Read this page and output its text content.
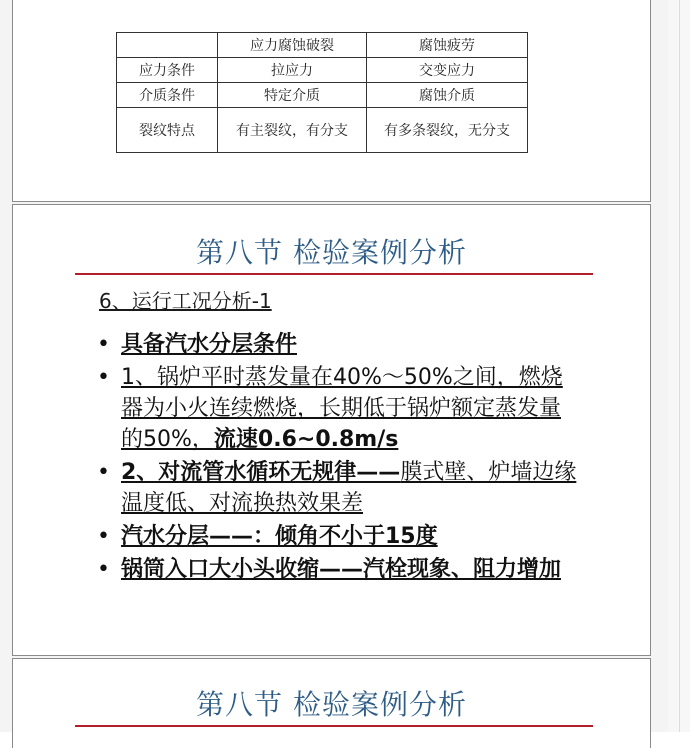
	应力腐蚀破裂	腐蚀疲劳
应力条件	拉应力	交变应力
介质条件	特定介质	腐蚀介质
裂纹特点	有主裂纹，有分支	有多条裂纹，无分支
第八节 检验案例分析
6、运行工况分析-1
• 具备汽水分层条件
• 1、锅炉平时蒸发量在40%～50%之间，燃烧器为小火连续燃烧，长期低于锅炉额定蒸发量的50%，流速0.6~0.8m/s
• 2、对流管水循环无规律——膜式壁、炉墙边缘温度低、对流换热效果差
• 汽水分层——：倾角不小于15度
• 锅筒入口大小头收缩——汽栓现象、阻力增加
第八节 检验案例分析
